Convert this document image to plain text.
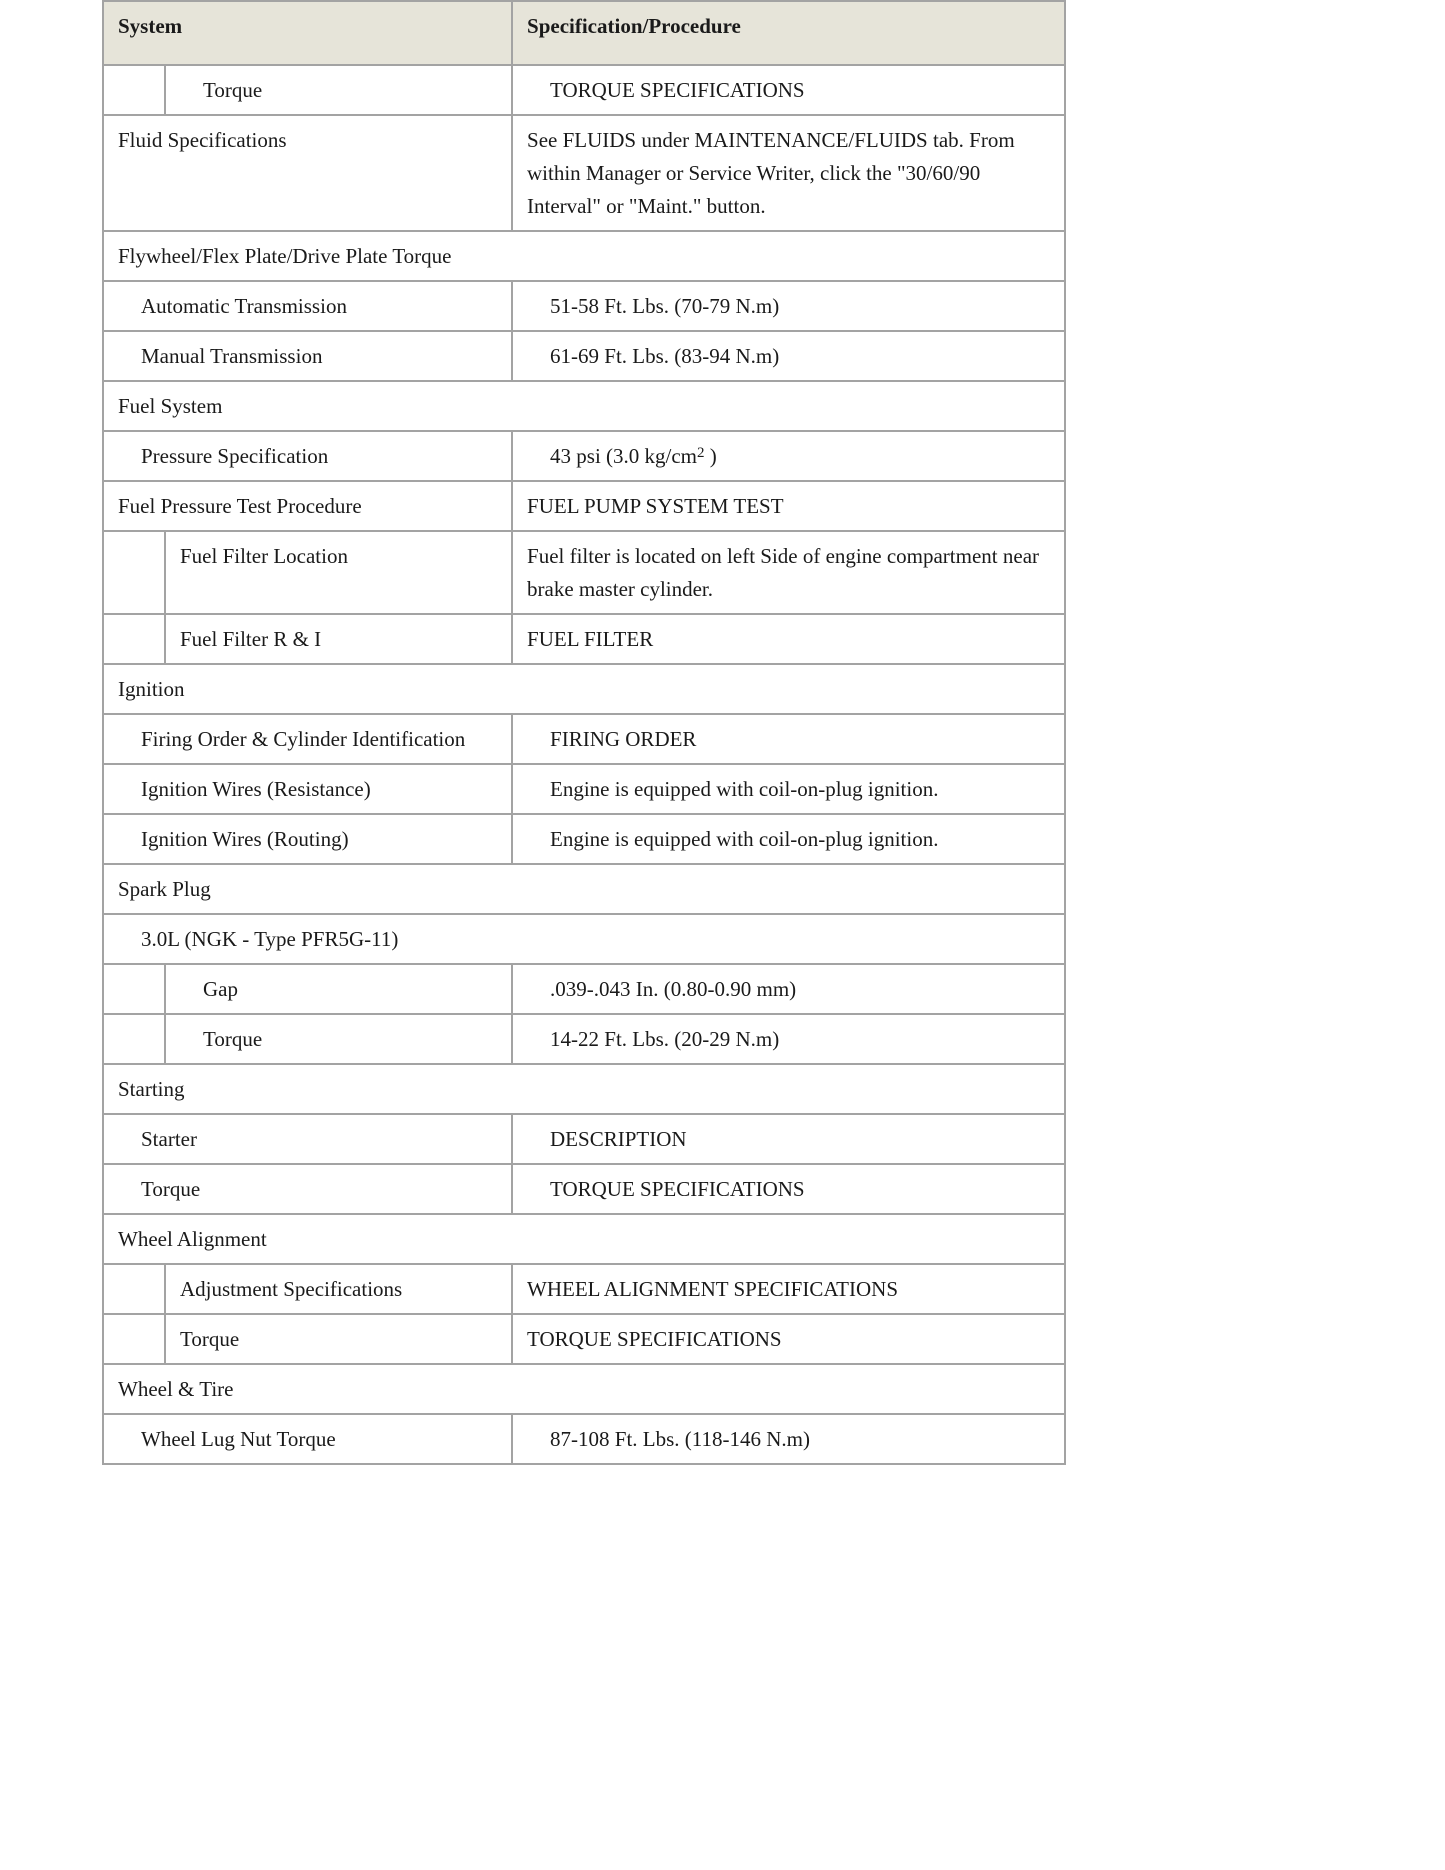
System		Specification/Procedure
	Torque	TORQUE SPECIFICATIONS
Fluid Specifications		See FLUIDS under MAINTENANCE/FLUIDS tab. From within Manager or Service Writer, click the "30/60/90 Interval" or "Maint." button.
Flywheel/Flex Plate/Drive Plate Torque		
Automatic Transmission		51-58 Ft. Lbs. (70-79 N.m)
Manual Transmission		61-69 Ft. Lbs. (83-94 N.m)
Fuel System		
Pressure Specification		43 psi (3.0 $kg/cm^2$ )
Fuel Pressure Test Procedure		FUEL PUMP SYSTEM TEST
	Fuel Filter Location	Fuel filter is located on left Side of engine compartment near brake master cylinder.
	Fuel Filter R & I	FUEL FILTER
Ignition		
Firing Order & Cylinder Identification		FIRING ORDER
Ignition Wires (Resistance)		Engine is equipped with coil-on-plug ignition.
Ignition Wires (Routing)		Engine is equipped with coil-on-plug ignition.
Spark Plug		
3.0L (NGK - Type PFR5G-11)		
	Gap	.039-.043 In. (0.80-0.90 mm)
	Torque	14-22 Ft. Lbs. (20-29 N.m)
Starting		
Starter		DESCRIPTION
Torque		TORQUE SPECIFICATIONS
Wheel Alignment		
	Adjustment Specifications	WHEEL ALIGNMENT SPECIFICATIONS
	Torque	TORQUE SPECIFICATIONS
Wheel & Tire		
Wheel Lug Nut Torque		87-108 Ft. Lbs. (118-146 N.m)
